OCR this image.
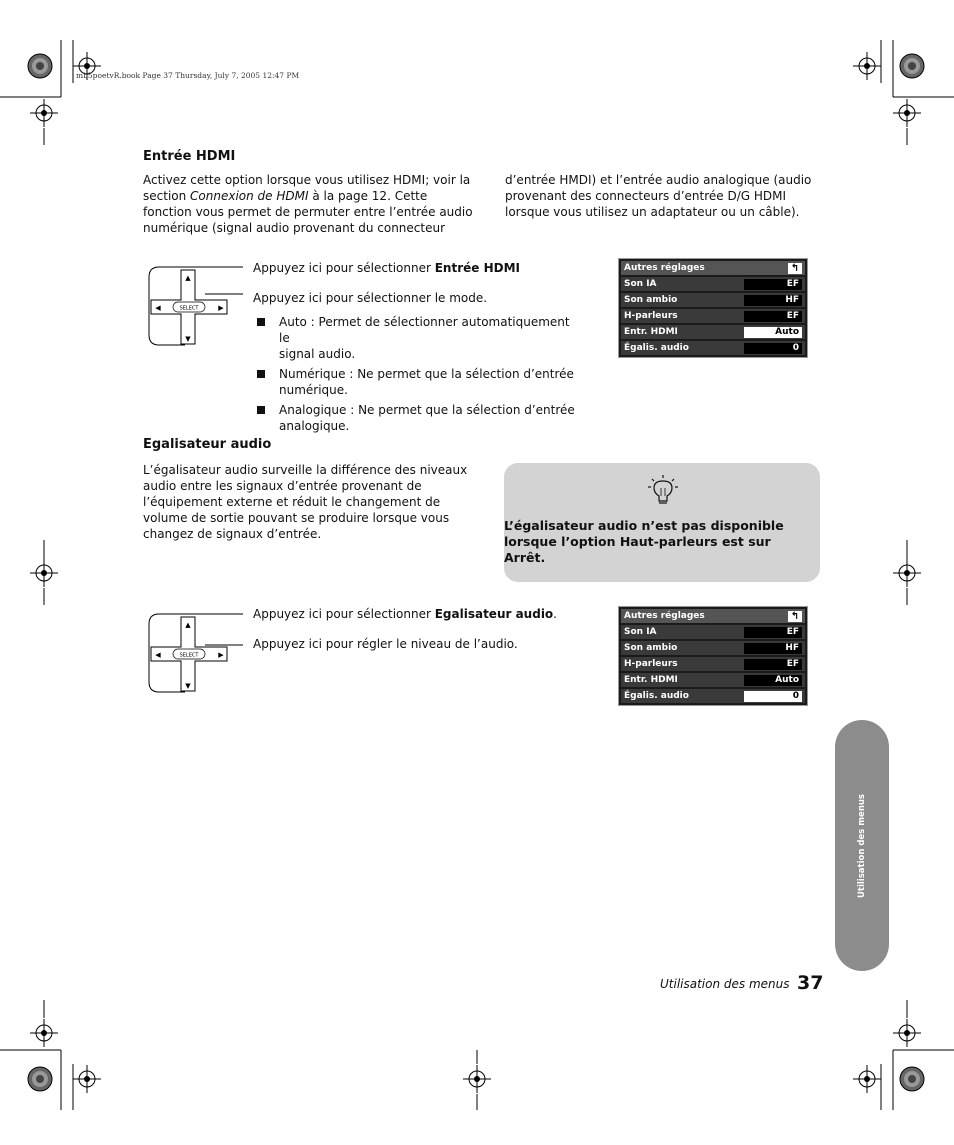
mb5poetvR.book Page 37 Thursday, July 7, 2005 12:47 PM
Entrée HDMI
Activez cette option lorsque vous utilisez HDMI; voir la
section Connexion de HDMI à la page 12. Cette
fonction vous permet de permuter entre l’entrée audio
numérique (signal audio provenant du connecteur
d’entrée HMDI) et l’entrée audio analogique (audio
provenant des connecteurs d’entrée D/G HDMI
lorsque vous utilisez un adaptateur ou un câble).
SELECT
▲
▼
◀	▶
Appuyez ici pour sélectionner Entrée HDMI
Appuyez ici pour sélectionner le mode.
Auto : Permet de sélectionner automatiquement le
signal audio.
Numérique : Ne permet que la sélection d’entrée
numérique.
Analogique : Ne permet que la sélection d’entrée
analogique.
Autres réglages	↰
Son IA	EF
Son ambio	HF
H-parleurs	EF
Entr. HDMI	Auto
Égalis. audio	0
Egalisateur audio
L’égalisateur audio surveille la différence des niveaux
audio entre les signaux d’entrée provenant de
l’équipement externe et réduit le changement de
volume de sortie pouvant se produire lorsque vous
changez de signaux d’entrée.
L’égalisateur audio n’est pas disponible
lorsque l’option Haut-parleurs est sur
Arrêt.
SELECT
▲
▼
◀	▶
Appuyez ici pour sélectionner Egalisateur audio.
Appuyez ici pour régler le niveau de l’audio.
Autres réglages	↰
Son IA	EF
Son ambio	HF
H-parleurs	EF
Entr. HDMI	Auto
Égalis. audio	0
Utilisation des menus
Utilisation des menus 37
